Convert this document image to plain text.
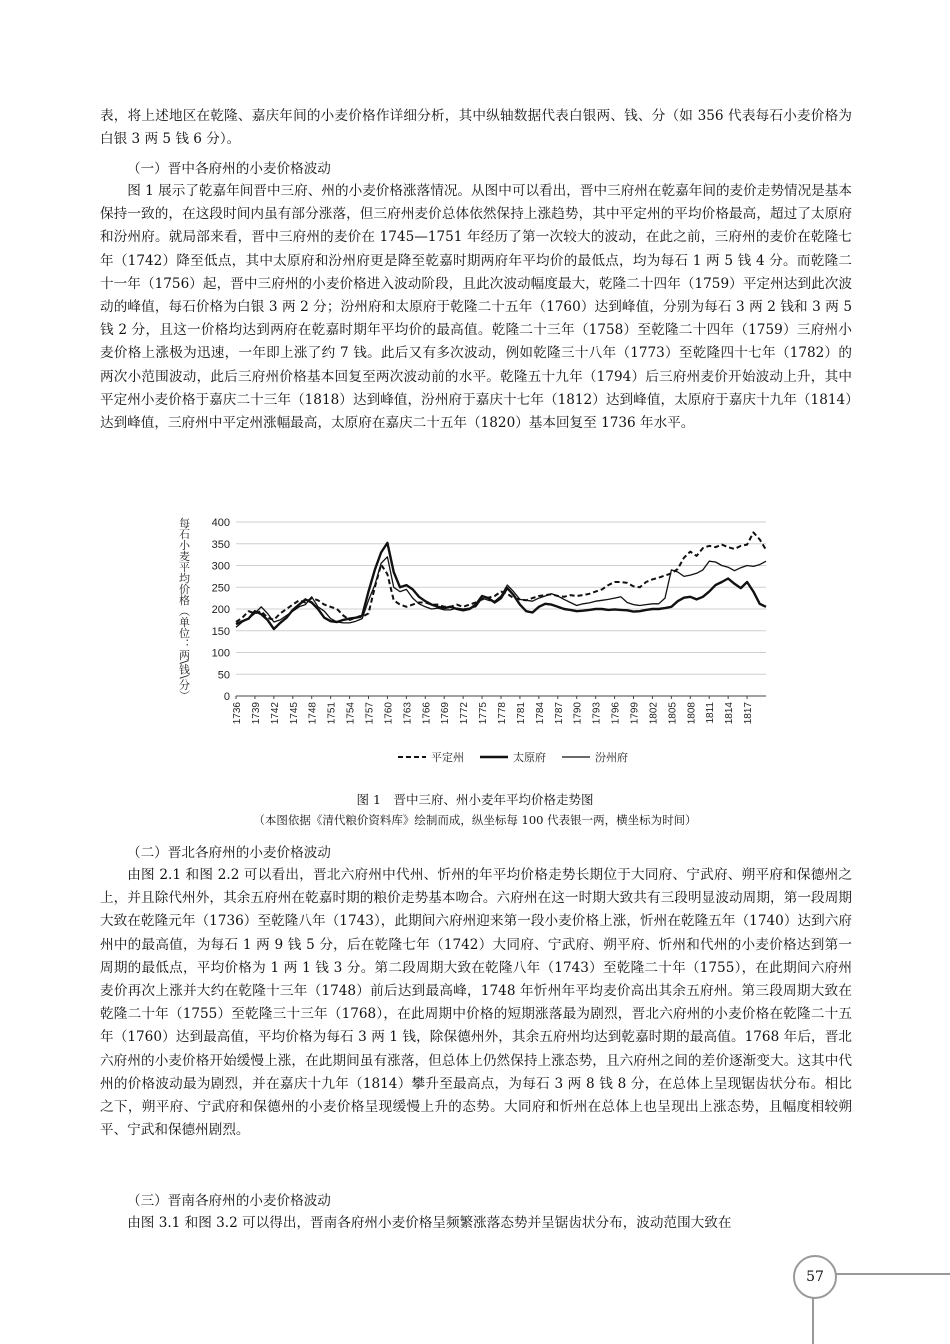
表，将上述地区在乾隆、嘉庆年间的小麦价格作详细分析，其中纵轴数据代表白银两、钱、分（如 356 代表每石小麦价格为白银 3 两 5 钱 6 分）。

（一）晋中各府州的小麦价格波动

图 1 展示了乾嘉年间晋中三府、州的小麦价格涨落情况。从图中可以看出，晋中三府州在乾嘉年间的麦价走势情况是基本保持一致的，在这段时间内虽有部分涨落，但三府州麦价总体依然保持上涨趋势，其中平定州的平均价格最高，超过了太原府和汾州府。就局部来看，晋中三府州的麦价在 1745—1751 年经历了第一次较大的波动，在此之前，三府州的麦价在乾隆七年（1742）降至低点，其中太原府和汾州府更是降至乾嘉时期两府年平均价的最低点，均为每石 1 两 5 钱 4 分。而乾隆二十一年（1756）起，晋中三府州的小麦价格进入波动阶段，且此次波动幅度最大，乾隆二十四年（1759）平定州达到此次波动的峰值，每石价格为白银 3 两 2 分；汾州府和太原府于乾隆二十五年（1760）达到峰值，分别为每石 3 两 2 钱和 3 两 5 钱 2 分，且这一价格均达到两府在乾嘉时期年平均价的最高值。乾隆二十三年（1758）至乾隆二十四年（1759）三府州小麦价格上涨极为迅速，一年即上涨了约 7 钱。此后又有多次波动，例如乾隆三十八年（1773）至乾隆四十七年（1782）的两次小范围波动，此后三府州价格基本回复至两次波动前的水平。乾隆五十九年（1794）后三府州麦价开始波动上升，其中平定州小麦价格于嘉庆二十三年（1818）达到峰值，汾州府于嘉庆十七年（1812）达到峰值，太原府于嘉庆十九年（1814）达到峰值，三府州中平定州涨幅最高，太原府在嘉庆二十五年（1820）基本回复至 1736 年水平。

0
50
100
150
200
250
300
350
400
1736 1739 1742 1745 1748 1751 1754 1757 1760 1763 1766 1769 1772 1775 1778 1781 1784 1787 1790 1793 1796 1799 1802 1805 1808 1811 1814 1817
每石小麦平均价格（单位：两\钱\分）
平定州	太原府	汾州府

图 1　晋中三府、州小麦年平均价格走势图

（本图依据《清代粮价资料库》绘制而成，纵坐标每 100 代表银一两，横坐标为时间）

（二）晋北各府州的小麦价格波动

由图 2.1 和图 2.2 可以看出，晋北六府州中代州、忻州的年平均价格走势长期位于大同府、宁武府、朔平府和保德州之上，并且除代州外，其余五府州在乾嘉时期的粮价走势基本吻合。六府州在这一时期大致共有三段明显波动周期，第一段周期大致在乾隆元年（1736）至乾隆八年（1743），此期间六府州迎来第一段小麦价格上涨，忻州在乾隆五年（1740）达到六府州中的最高值，为每石 1 两 9 钱 5 分，后在乾隆七年（1742）大同府、宁武府、朔平府、忻州和代州的小麦价格达到第一周期的最低点，平均价格为 1 两 1 钱 3 分。第二段周期大致在乾隆八年（1743）至乾隆二十年（1755），在此期间六府州麦价再次上涨并大约在乾隆十三年（1748）前后达到最高峰，1748 年忻州年平均麦价高出其余五府州。第三段周期大致在乾隆二十年（1755）至乾隆三十三年（1768），在此周期中价格的短期涨落最为剧烈，晋北六府州的小麦价格在乾隆二十五年（1760）达到最高值，平均价格为每石 3 两 1 钱，除保德州外，其余五府州均达到乾嘉时期的最高值。1768 年后，晋北六府州的小麦价格开始缓慢上涨，在此期间虽有涨落，但总体上仍然保持上涨态势，且六府州之间的差价逐渐变大。这其中代州的价格波动最为剧烈，并在嘉庆十九年（1814）攀升至最高点，为每石 3 两 8 钱 8 分，在总体上呈现锯齿状分布。相比之下，朔平府、宁武府和保德州的小麦价格呈现缓慢上升的态势。大同府和忻州在总体上也呈现出上涨态势，且幅度相较朔平、宁武和保德州剧烈。

（三）晋南各府州的小麦价格波动

由图 3.1 和图 3.2 可以得出，晋南各府州小麦价格呈频繁涨落态势并呈锯齿状分布，波动范围大致在

57
